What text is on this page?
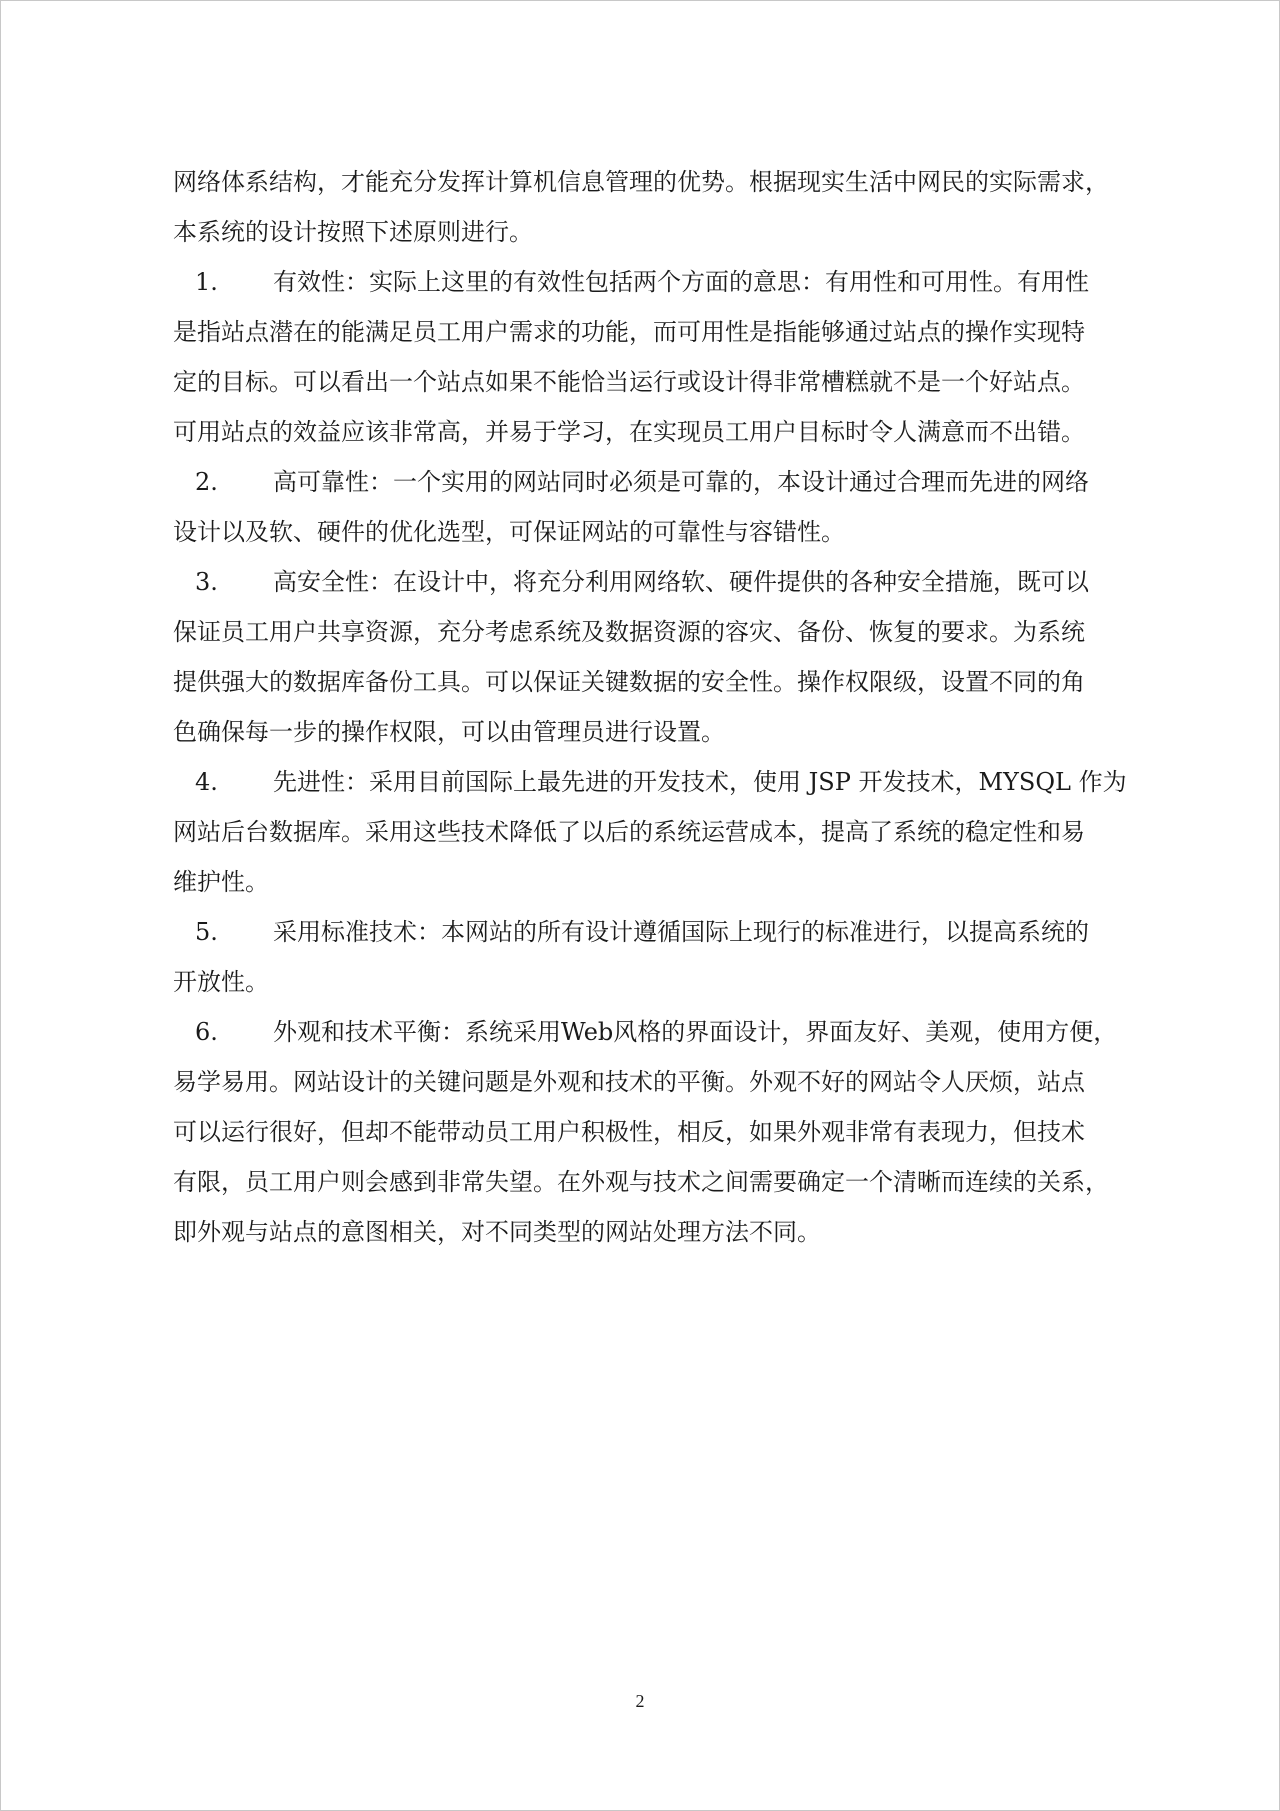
网络体系结构，才能充分发挥计算机信息管理的优势。根据现实生活中网民的实际需求，
本系统的设计按照下述原则进行。
1. 有效性：实际上这里的有效性包括两个方面的意思：有用性和可用性。有用性
是指站点潜在的能满足员工用户需求的功能，而可用性是指能够通过站点的操作实现特
定的目标。可以看出一个站点如果不能恰当运行或设计得非常槽糕就不是一个好站点。
可用站点的效益应该非常高，并易于学习，在实现员工用户目标时令人满意而不出错。
2. 高可靠性：一个实用的网站同时必须是可靠的，本设计通过合理而先进的网络
设计以及软、硬件的优化选型，可保证网站的可靠性与容错性。
3. 高安全性：在设计中，将充分利用网络软、硬件提供的各种安全措施，既可以
保证员工用户共享资源，充分考虑系统及数据资源的容灾、备份、恢复的要求。为系统
提供强大的数据库备份工具。可以保证关键数据的安全性。操作权限级，设置不同的角
色确保每一步的操作权限，可以由管理员进行设置。
4. 先进性：采用目前国际上最先进的开发技术，使用 JSP 开发技术，MYSQL 作为
网站后台数据库。采用这些技术降低了以后的系统运营成本，提高了系统的稳定性和易
维护性。
5. 采用标准技术：本网站的所有设计遵循国际上现行的标准进行，以提高系统的
开放性。
6. 外观和技术平衡：系统采用Web风格的界面设计，界面友好、美观，使用方便，
易学易用。网站设计的关键问题是外观和技术的平衡。外观不好的网站令人厌烦，站点
可以运行很好，但却不能带动员工用户积极性，相反，如果外观非常有表现力，但技术
有限，员工用户则会感到非常失望。在外观与技术之间需要确定一个清晰而连续的关系，
即外观与站点的意图相关，对不同类型的网站处理方法不同。
2
